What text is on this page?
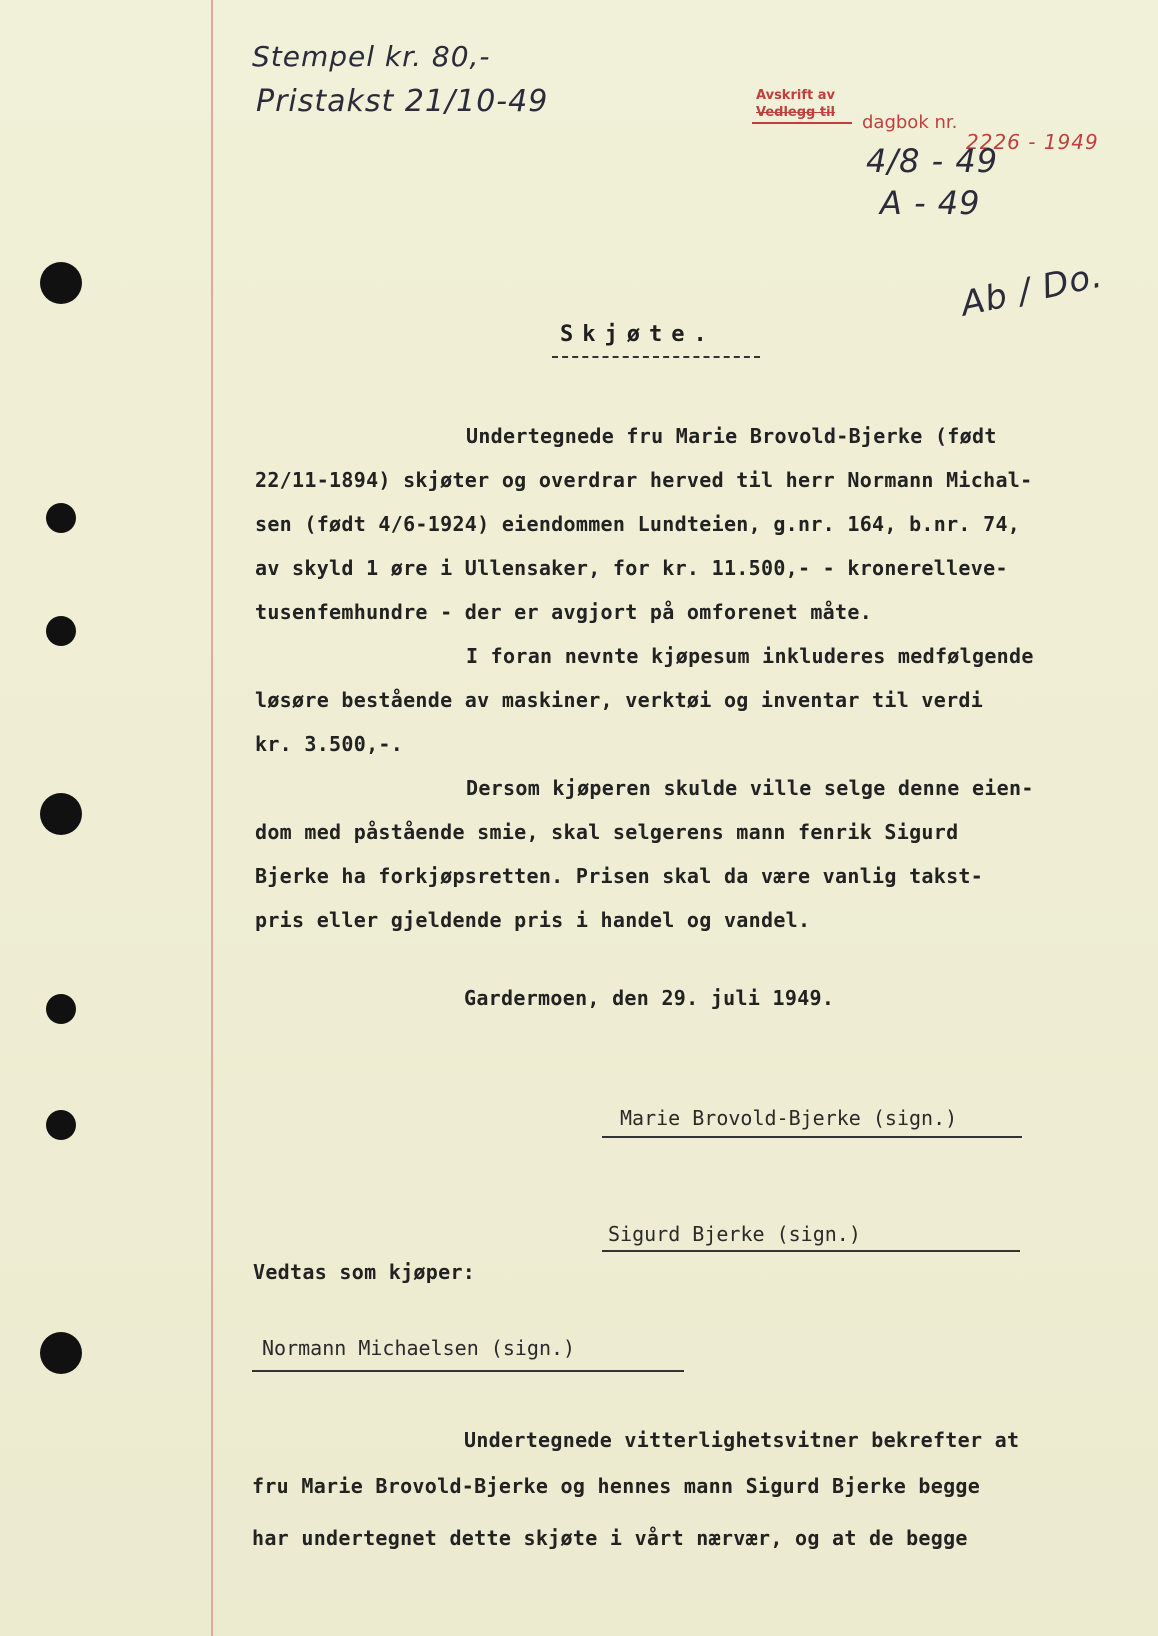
Stempel kr. 80,-
Pristakst 21/10-49	Avskrift av
Vedlegg til dagbok nr.
2226 - 1949
4/8 - 49
A - 49
Ab / Do.
Skjøte.
Undertegnede fru Marie Brovold-Bjerke (født
22/11-1894) skjøter og overdrar herved til herr Normann Michal-
sen (født 4/6-1924) eiendommen Lundteien, g.nr. 164, b.nr. 74,
av skyld 1 øre i Ullensaker, for kr. 11.500,- - kronerelleve-
tusenfemhundre - der er avgjort på omforenet måte.
I foran nevnte kjøpesum inkluderes medfølgende
løsøre bestående av maskiner, verktøi og inventar til verdi
kr. 3.500,-.
Dersom kjøperen skulde ville selge denne eien-
dom med påstående smie, skal selgerens mann fenrik Sigurd
Bjerke ha forkjøpsretten. Prisen skal da være vanlig takst-
pris eller gjeldende pris i handel og vandel.
Gardermoen, den 29. juli 1949.
Marie Brovold-Bjerke (sign.)
Sigurd Bjerke (sign.)
Vedtas som kjøper:
Normann Michaelsen (sign.)
Undertegnede vitterlighetsvitner bekrefter at
fru Marie Brovold-Bjerke og hennes mann Sigurd Bjerke begge
har undertegnet dette skjøte i vårt nærvær, og at de begge
